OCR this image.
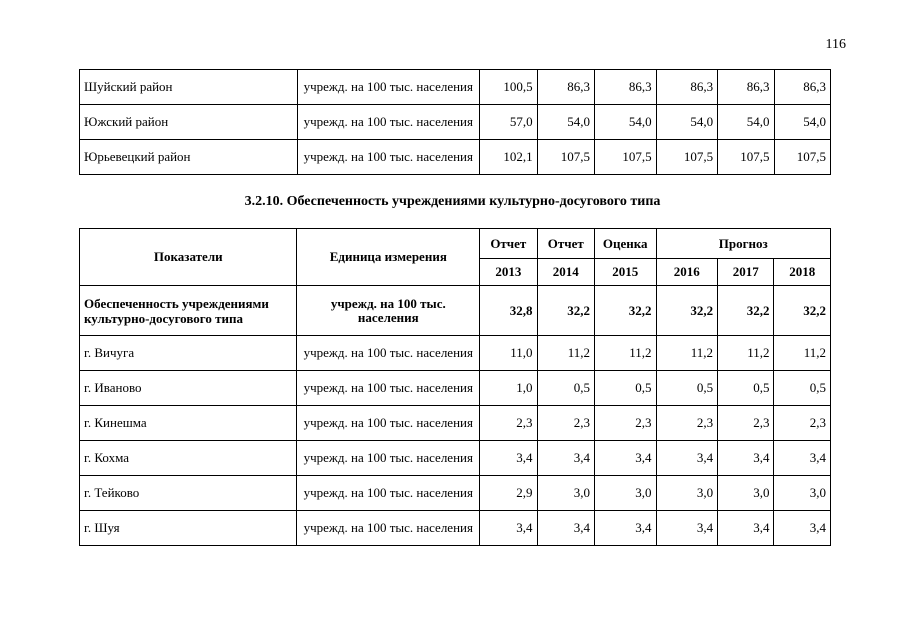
116
Шуйский район	учрежд. на 100 тыс. населения	100,5	86,3	86,3	86,3	86,3	86,3
Южский район	учрежд. на 100 тыс. населения	57,0	54,0	54,0	54,0	54,0	54,0
Юрьевецкий район	учрежд. на 100 тыс. населения	102,1	107,5	107,5	107,5	107,5	107,5
3.2.10. Обеспеченность учреждениями культурно-досугового типа
Показатели	Единица измерения	Отчет	Отчет	Оценка	Прогноз		
		2013	2014	2015	2016	2017	2018
Обеспеченность учреждениями культурно-досугового типа	учрежд. на 100 тыс. населения	32,8	32,2	32,2	32,2	32,2	32,2
г. Вичуга	учрежд. на 100 тыс. населения	11,0	11,2	11,2	11,2	11,2	11,2
г. Иваново	учрежд. на 100 тыс. населения	1,0	0,5	0,5	0,5	0,5	0,5
г. Кинешма	учрежд. на 100 тыс. населения	2,3	2,3	2,3	2,3	2,3	2,3
г. Кохма	учрежд. на 100 тыс. населения	3,4	3,4	3,4	3,4	3,4	3,4
г. Тейково	учрежд. на 100 тыс. населения	2,9	3,0	3,0	3,0	3,0	3,0
г. Шуя	учрежд. на 100 тыс. населения	3,4	3,4	3,4	3,4	3,4	3,4
